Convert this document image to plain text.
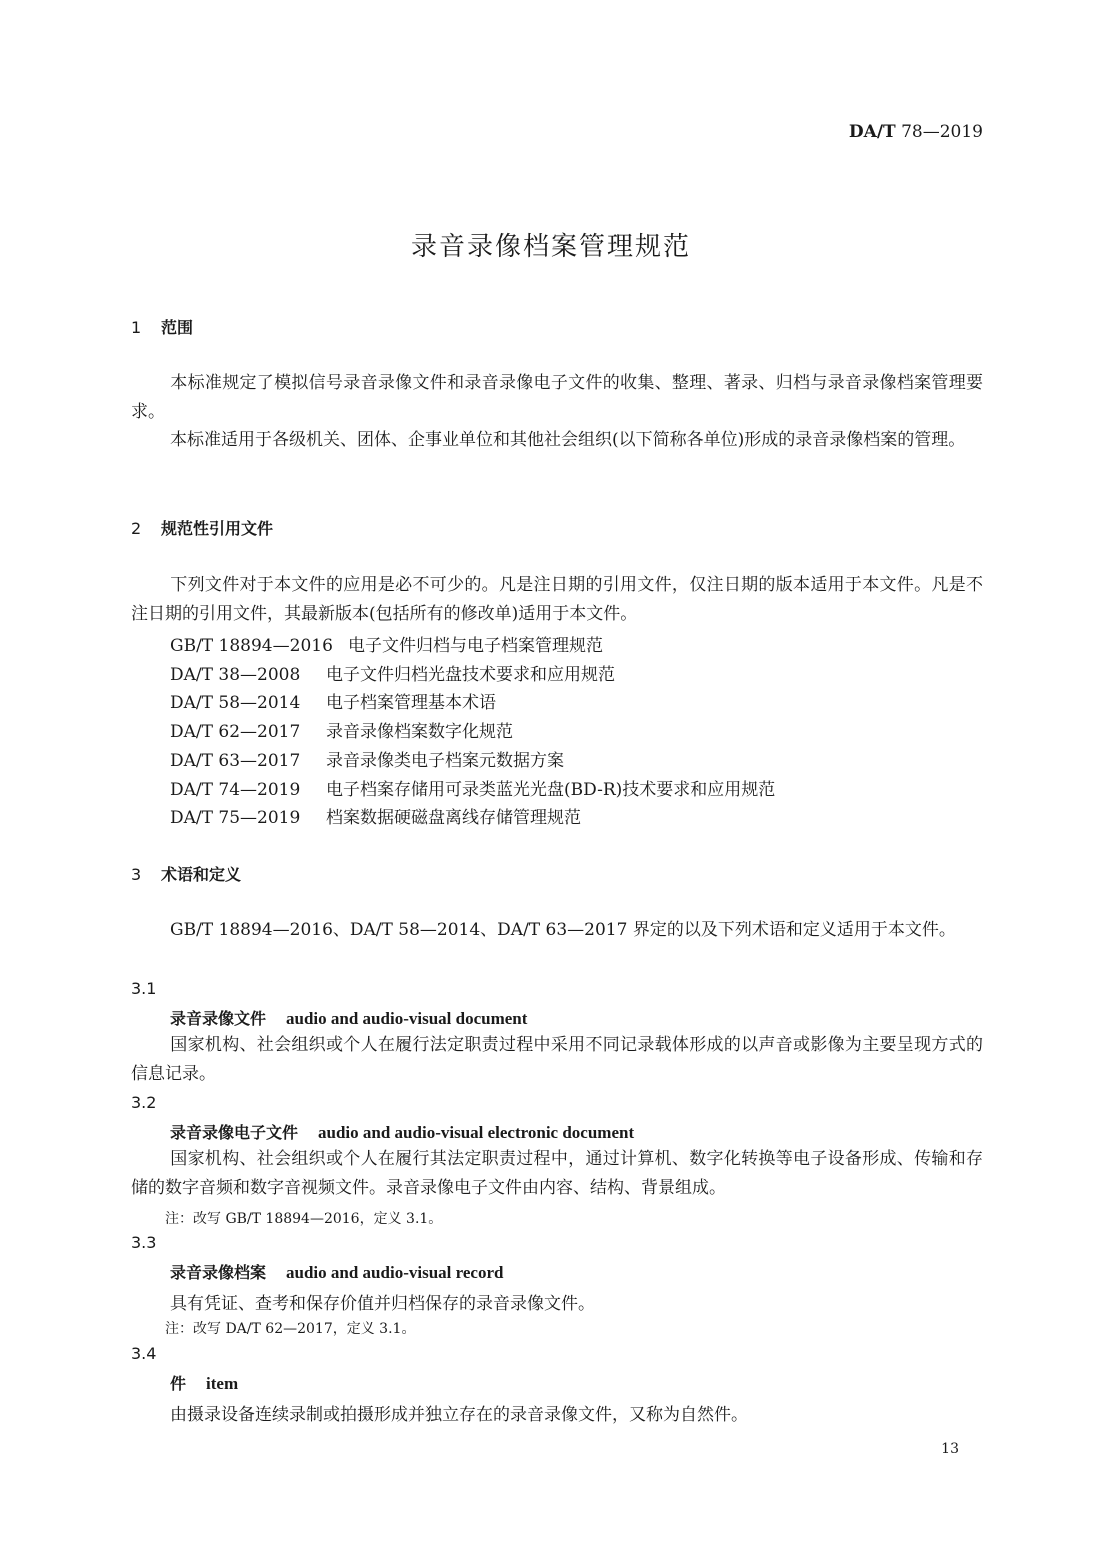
DA/T 78—2019
录音录像档案管理规范
1 范围
本标准规定了模拟信号录音录像文件和录音录像电子文件的收集、整理、著录、归档与录音录像档案管理要求。
本标准适用于各级机关、团体、企事业单位和其他社会组织(以下简称各单位)形成的录音录像档案的管理。
2 规范性引用文件
下列文件对于本文件的应用是必不可少的。凡是注日期的引用文件，仅注日期的版本适用于本文件。凡是不注日期的引用文件，其最新版本(包括所有的修改单)适用于本文件。
GB/T 18894—2016 电子文件归档与电子档案管理规范
DA/T 38—2008 电子文件归档光盘技术要求和应用规范
DA/T 58—2014 电子档案管理基本术语
DA/T 62—2017 录音录像档案数字化规范
DA/T 63—2017 录音录像类电子档案元数据方案
DA/T 74—2019 电子档案存储用可录类蓝光光盘(BD-R)技术要求和应用规范
DA/T 75—2019 档案数据硬磁盘离线存储管理规范
3 术语和定义
GB/T 18894—2016、DA/T 58—2014、DA/T 63—2017 界定的以及下列术语和定义适用于本文件。
3.1
录音录像文件 audio and audio-visual document
国家机构、社会组织或个人在履行法定职责过程中采用不同记录载体形成的以声音或影像为主要呈现方式的信息记录。
3.2
录音录像电子文件 audio and audio-visual electronic document
国家机构、社会组织或个人在履行其法定职责过程中，通过计算机、数字化转换等电子设备形成、传输和存储的数字音频和数字音视频文件。录音录像电子文件由内容、结构、背景组成。
注：改写 GB/T 18894—2016，定义 3.1。
3.3
录音录像档案 audio and audio-visual record
具有凭证、查考和保存价值并归档保存的录音录像文件。
注：改写 DA/T 62—2017，定义 3.1。
3.4
件 item
由摄录设备连续录制或拍摄形成并独立存在的录音录像文件，又称为自然件。
13
